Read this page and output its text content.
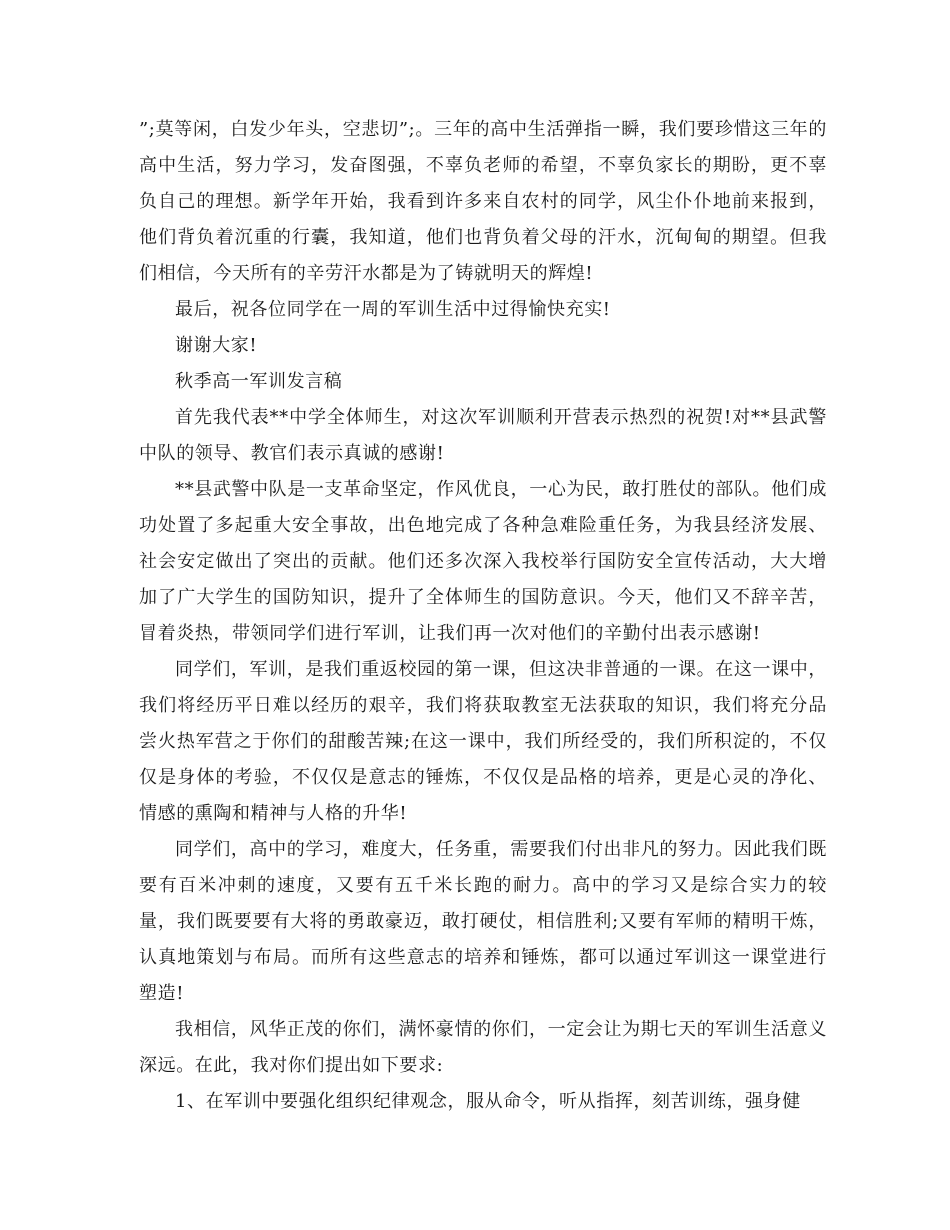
”;莫等闲，白发少年头，空悲切”;。三年的高中生活弹指一瞬，我们要珍惜这三年的高中生活，努力学习，发奋图强，不辜负老师的希望，不辜负家长的期盼，更不辜负自己的理想。新学年开始，我看到许多来自农村的同学，风尘仆仆地前来报到，他们背负着沉重的行囊，我知道，他们也背负着父母的汗水，沉甸甸的期望。但我们相信，今天所有的辛劳汗水都是为了铸就明天的辉煌!

最后，祝各位同学在一周的军训生活中过得愉快充实!

谢谢大家!

秋季高一军训发言稿

首先我代表**中学全体师生，对这次军训顺利开营表示热烈的祝贺!对**县武警中队的领导、教官们表示真诚的感谢!

**县武警中队是一支革命坚定，作风优良，一心为民，敢打胜仗的部队。他们成功处置了多起重大安全事故，出色地完成了各种急难险重任务，为我县经济发展、社会安定做出了突出的贡献。他们还多次深入我校举行国防安全宣传活动，大大增加了广大学生的国防知识，提升了全体师生的国防意识。今天，他们又不辞辛苦，冒着炎热，带领同学们进行军训，让我们再一次对他们的辛勤付出表示感谢!

同学们，军训，是我们重返校园的第一课，但这决非普通的一课。在这一课中，我们将经历平日难以经历的艰辛，我们将获取教室无法获取的知识，我们将充分品尝火热军营之于你们的甜酸苦辣;在这一课中，我们所经受的，我们所积淀的，不仅仅是身体的考验，不仅仅是意志的锤炼，不仅仅是品格的培养，更是心灵的净化、情感的熏陶和精神与人格的升华!

同学们，高中的学习，难度大，任务重，需要我们付出非凡的努力。因此我们既要有百米冲刺的速度，又要有五千米长跑的耐力。高中的学习又是综合实力的较量，我们既要要有大将的勇敢豪迈，敢打硬仗，相信胜利;又要有军师的精明干炼，认真地策划与布局。而所有这些意志的培养和锤炼，都可以通过军训这一课堂进行塑造!

我相信，风华正茂的你们，满怀豪情的你们，一定会让为期七天的军训生活意义深远。在此，我对你们提出如下要求:

1、在军训中要强化组织纪律观念，服从命令，听从指挥，刻苦训练，强身健
